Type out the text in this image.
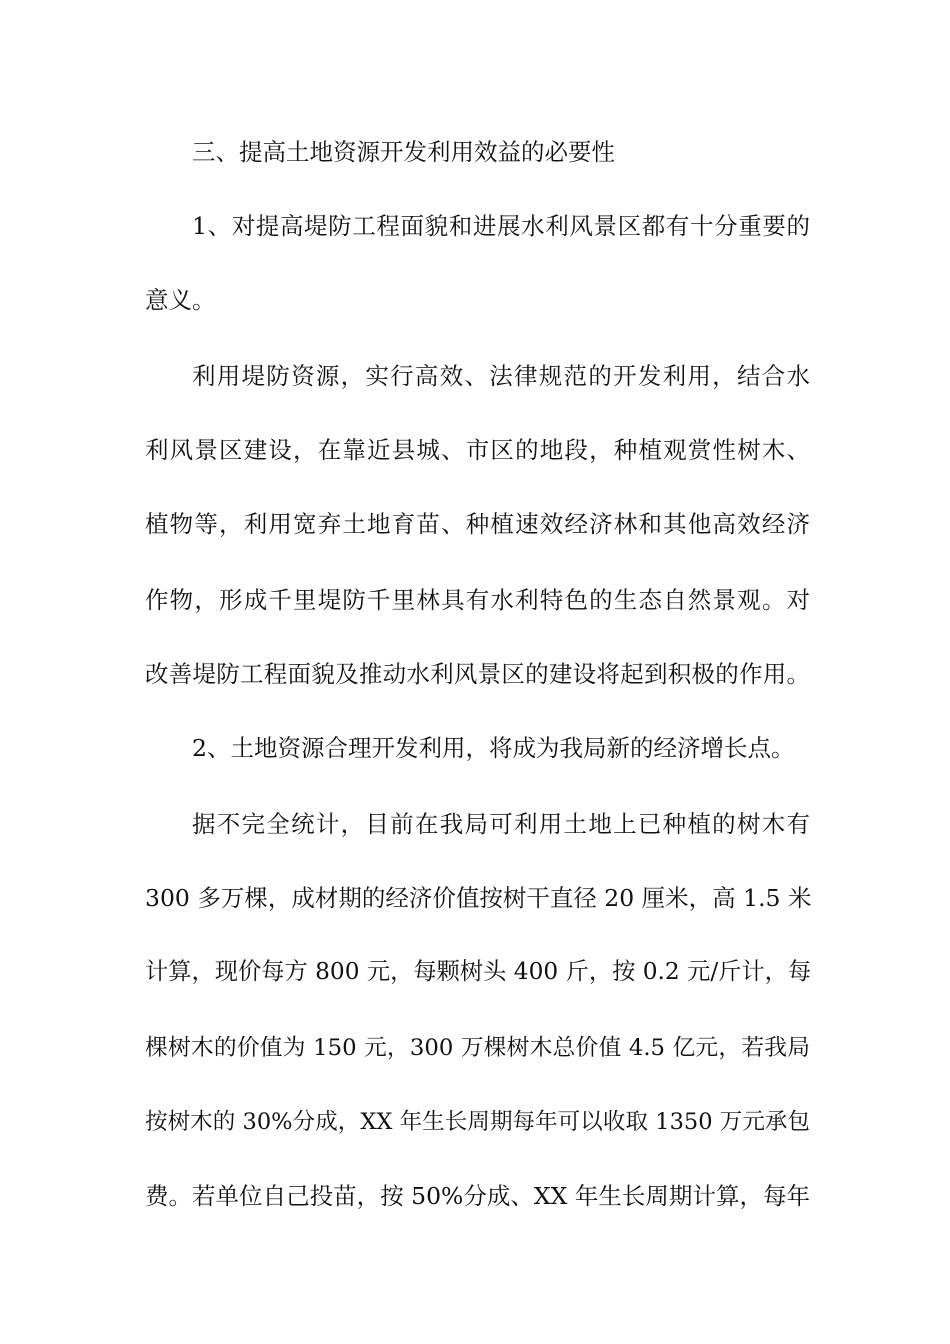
三、提高土地资源开发利用效益的必要性

1、对提高堤防工程面貌和进展水利风景区都有十分重要的

意义。

利用堤防资源，实行高效、法律规范的开发利用，结合水

利风景区建设，在靠近县城、市区的地段，种植观赏性树木、

植物等，利用宽弃土地育苗、种植速效经济林和其他高效经济

作物，形成千里堤防千里林具有水利特色的生态自然景观。对

改善堤防工程面貌及推动水利风景区的建设将起到积极的作用。

2、土地资源合理开发利用，将成为我局新的经济增长点。

据不完全统计，目前在我局可利用土地上已种植的树木有

300 多万棵，成材期的经济价值按树干直径 20 厘米，高 1.5 米

计算，现价每方 800 元，每颗树头 400 斤，按 0.2 元/斤计，每

棵树木的价值为 150 元，300 万棵树木总价值 4.5 亿元，若我局

按树木的 30%分成，XX 年生长周期每年可以收取 1350 万元承包

费。若单位自己投苗，按 50%分成、XX 年生长周期计算，每年
